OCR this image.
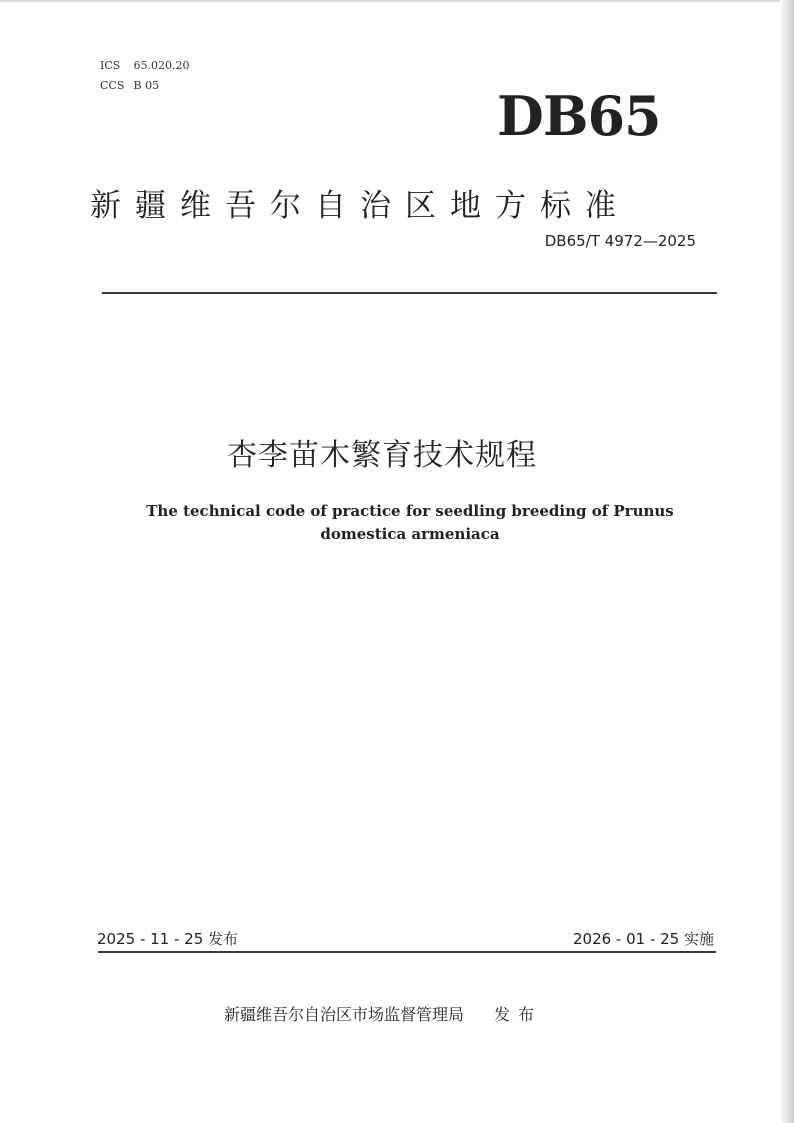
ICS 65.020.20
CCS B 05	DB65
新疆维吾尔自治区地方标准
DB65/T 4972—2025
杏李苗木繁育技术规程
The technical code of practice for seedling breeding of Prunus domestica armeniaca
2025 - 11 - 25 发布	2026 - 01 - 25 实施
新疆维吾尔自治区市场监督管理局 发布
